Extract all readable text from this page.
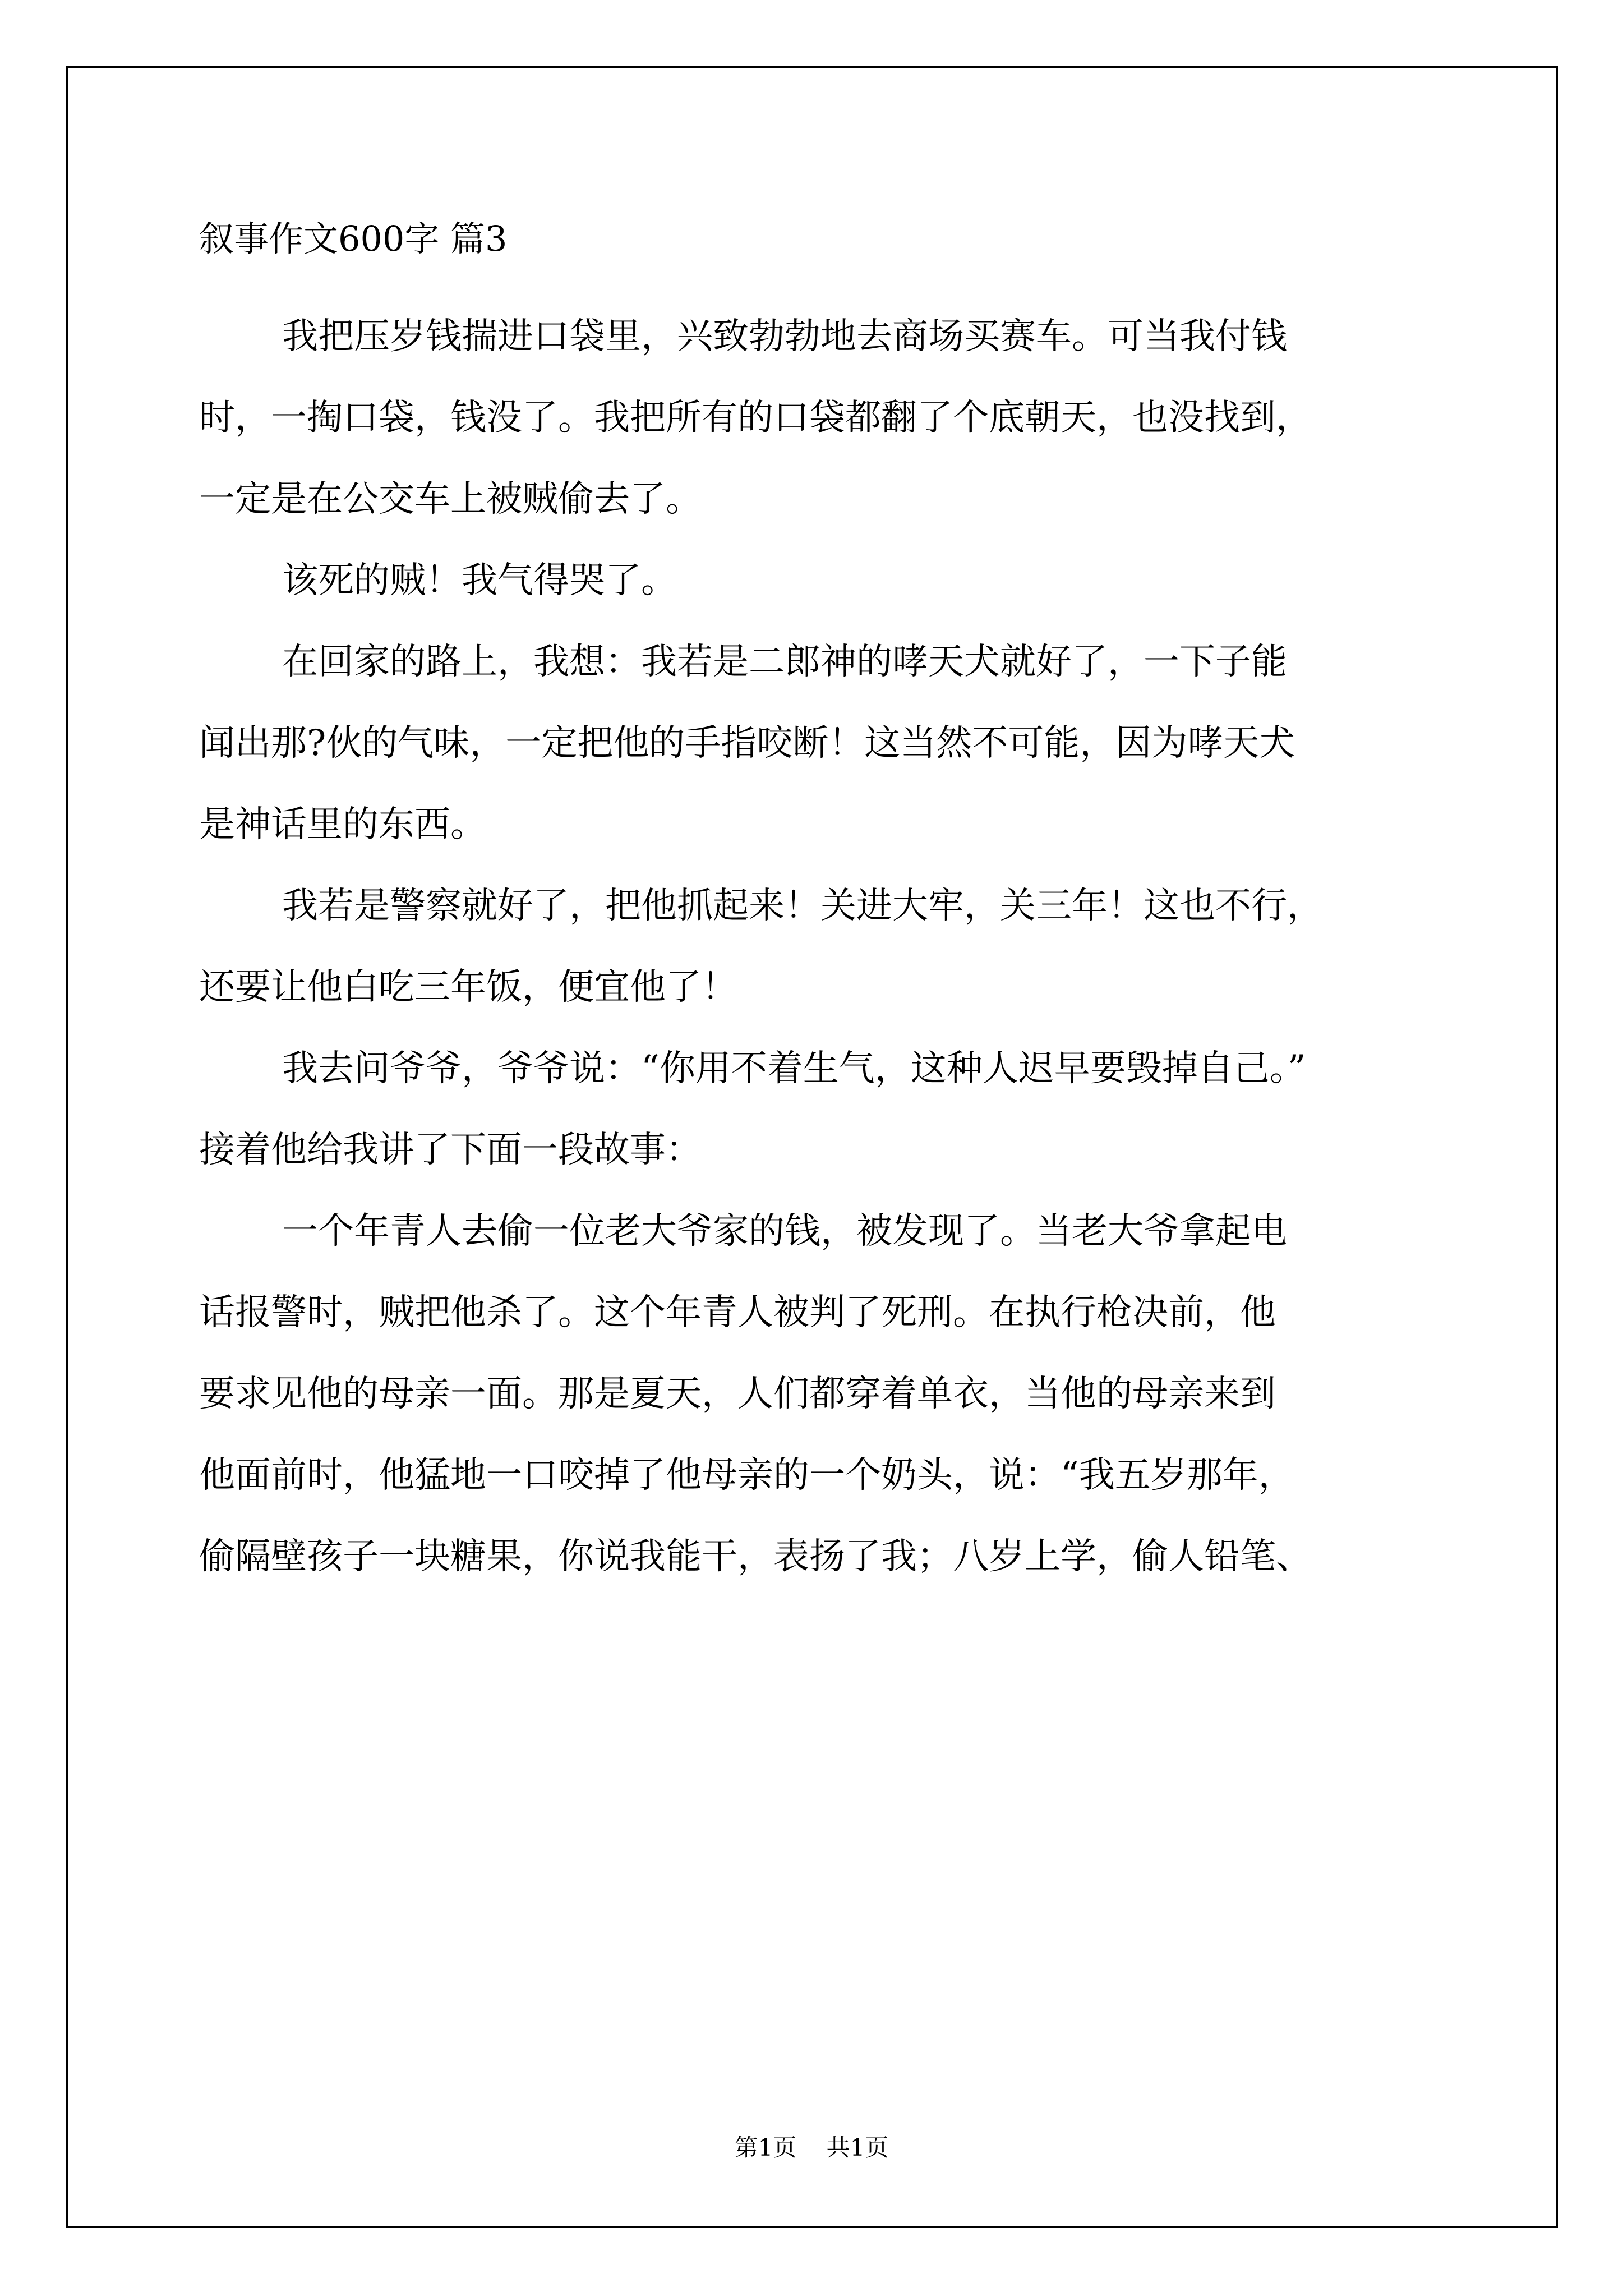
叙事作文600字 篇3
我把压岁钱揣进口袋里，兴致勃勃地去商场买赛车。可当我付钱
时，一掏口袋，钱没了。我把所有的口袋都翻了个底朝天，也没找到，
一定是在公交车上被贼偷去了。
该死的贼！我气得哭了。
在回家的路上，我想：我若是二郎神的哮天犬就好了，一下子能
闻出那?伙的气味，一定把他的手指咬断！这当然不可能，因为哮天犬
是神话里的东西。
我若是警察就好了，把他抓起来！关进大牢，关三年！这也不行，
还要让他白吃三年饭，便宜他了！
我去问爷爷，爷爷说：“你用不着生气，这种人迟早要毁掉自己。”
接着他给我讲了下面一段故事：
一个年青人去偷一位老大爷家的钱，被发现了。当老大爷拿起电
话报警时，贼把他杀了。这个年青人被判了死刑。在执行枪决前，他
要求见他的母亲一面。那是夏天，人们都穿着单衣，当他的母亲来到
他面前时，他猛地一口咬掉了他母亲的一个奶头，说：“我五岁那年，
偷隔壁孩子一块糖果，你说我能干，表扬了我；八岁上学，偷人铅笔、
第1页 共1页
